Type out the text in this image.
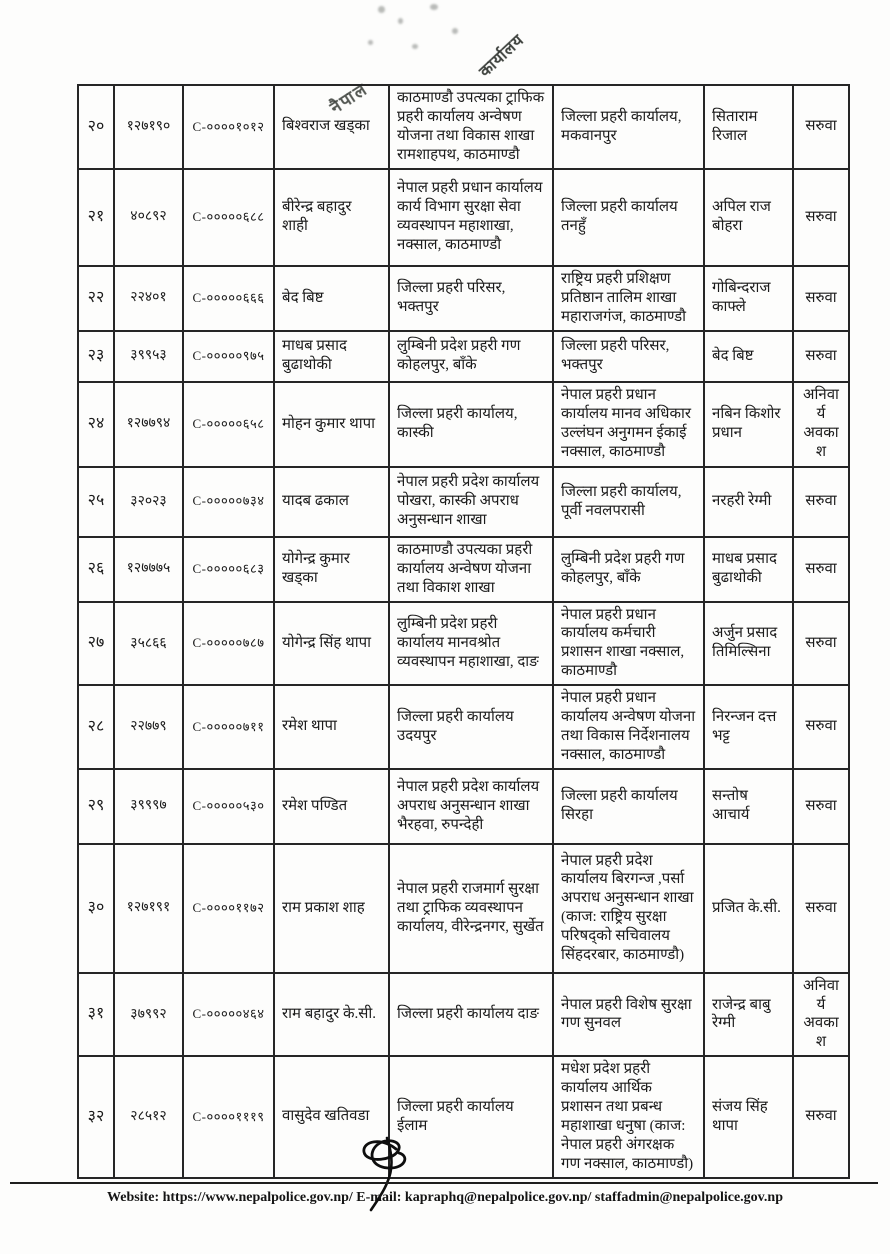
नैपाल
कार्यालय
२०	१२७१९०	C-००००१०१२	बिश्वराज खड्का	काठमाण्डौ उपत्यका ट्राफिक प्रहरी कार्यालय अन्वेषण योजना तथा विकास शाखा रामशाहपथ, काठमाण्डौ	जिल्ला प्रहरी कार्यालय, मकवानपुर	सिताराम रिजाल	सरुवा
२१	४०८९२	C-०००००६८८	बीरेन्द्र बहादुर शाही	नेपाल प्रहरी प्रधान कार्यालय कार्य विभाग सुरक्षा सेवा व्यवस्थापन महाशाखा, नक्साल, काठमाण्डौ	जिल्ला प्रहरी कार्यालय तनहुँ	अपिल राज बोहरा	सरुवा
२२	२२४०१	C-०००००६६६	बेद बिष्ट	जिल्ला प्रहरी परिसर, भक्तपुर	राष्ट्रिय प्रहरी प्रशिक्षण प्रतिष्ठान तालिम शाखा महाराजगंज, काठमाण्डौ	गोबिन्दराज काफ्ले	सरुवा
२३	३९९५३	C-०००००९७५	माधब प्रसाद बुढाथोकी	लुम्बिनी प्रदेश प्रहरी गण कोहलपुर, बाँके	जिल्ला प्रहरी परिसर, भक्तपुर	बेद बिष्ट	सरुवा
२४	१२७७९४	C-०००००६५८	मोहन कुमार थापा	जिल्ला प्रहरी कार्यालय, कास्की	नेपाल प्रहरी प्रधान कार्यालय मानव अधिकार उल्लंघन अनुगमन ईकाई नक्साल, काठमाण्डौ	नबिन किशोर प्रधान	अनिवार्य अवकाश
२५	३२०२३	C-०००००७३४	यादब ढकाल	नेपाल प्रहरी प्रदेश कार्यालय पोखरा, कास्की अपराध अनुसन्धान शाखा	जिल्ला प्रहरी कार्यालय, पूर्वी नवलपरासी	नरहरी रेग्मी	सरुवा
२६	१२७७७५	C-०००००६८३	योगेन्द्र कुमार खड्का	काठमाण्डौ उपत्यका प्रहरी कार्यालय अन्वेषण योजना तथा विकाश शाखा	लुम्बिनी प्रदेश प्रहरी गण कोहलपुर, बाँके	माधब प्रसाद बुढाथोकी	सरुवा
२७	३५८६६	C-०००००७८७	योगेन्द्र सिंह थापा	लुम्बिनी प्रदेश प्रहरी कार्यालय मानवश्रोत व्यवस्थापन महाशाखा, दाङ	नेपाल प्रहरी प्रधान कार्यालय कर्मचारी प्रशासन शाखा नक्साल, काठमाण्डौ	अर्जुन प्रसाद तिमिल्सिना	सरुवा
२८	२२७७९	C-०००००७११	रमेश थापा	जिल्ला प्रहरी कार्यालय उदयपुर	नेपाल प्रहरी प्रधान कार्यालय अन्वेषण योजना तथा विकास निर्देशनालय नक्साल, काठमाण्डौ	निरन्जन दत्त भट्ट	सरुवा
२९	३९९९७	C-०००००५३०	रमेश पण्डित	नेपाल प्रहरी प्रदेश कार्यालय अपराध अनुसन्धान शाखा भैरहवा, रुपन्देही	जिल्ला प्रहरी कार्यालय सिरहा	सन्तोष आचार्य	सरुवा
३०	१२७१९१	C-००००११७२	राम प्रकाश शाह	नेपाल प्रहरी राजमार्ग सुरक्षा तथा ट्राफिक व्यवस्थापन कार्यालय, वीरेन्द्रनगर, सुर्खेत	नेपाल प्रहरी प्रदेश कार्यालय बिरगन्ज ,पर्सा अपराध अनुसन्धान शाखा (काज: राष्ट्रिय सुरक्षा परिषद्को सचिवालय सिंहदरबार, काठमाण्डौ)	प्रजित के.सी.	सरुवा
३१	३७९९२	C-०००००४६४	राम बहादुर के.सी.	जिल्ला प्रहरी कार्यालय दाङ	नेपाल प्रहरी विशेष सुरक्षा गण सुनवल	राजेन्द्र बाबु रेग्मी	अनिवार्य अवकाश
३२	२८५१२	C-००००१११९	वासुदेव खतिवडा	जिल्ला प्रहरी कार्यालय ईलाम	मधेश प्रदेश प्रहरी कार्यालय आर्थिक प्रशासन तथा प्रबन्ध महाशाखा धनुषा (काज: नेपाल प्रहरी अंगरक्षक गण नक्साल, काठमाण्डौ)	संजय सिंह थापा	सरुवा
Website: https://www.nepalpolice.gov.np/ E-mail: kapraphq@nepalpolice.gov.np/ staffadmin@nepalpolice.gov.np
